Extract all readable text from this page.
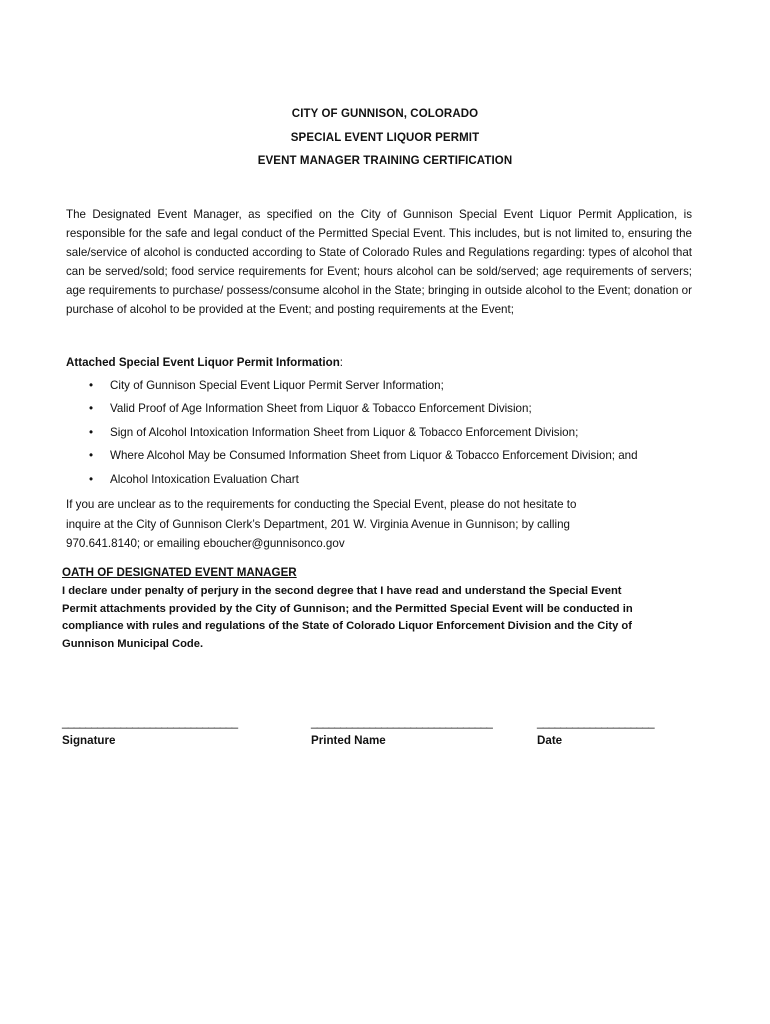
CITY OF GUNNISON, COLORADO
SPECIAL EVENT LIQUOR PERMIT
EVENT MANAGER TRAINING CERTIFICATION

The Designated Event Manager, as specified on the City of Gunnison Special Event Liquor Permit Application, is responsible for the safe and legal conduct of the Permitted Special Event. This includes, but is not limited to, ensuring the sale/service of alcohol is conducted according to State of Colorado Rules and Regulations regarding: types of alcohol that can be served/sold; food service requirements for Event; hours alcohol can be sold/served; age requirements of servers; age requirements to purchase/ possess/consume alcohol in the State; bringing in outside alcohol to the Event; donation or purchase of alcohol to be provided at the Event; and posting requirements at the Event;

Attached Special Event Liquor Permit Information:

• City of Gunnison Special Event Liquor Permit Server Information;
• Valid Proof of Age Information Sheet from Liquor & Tobacco Enforcement Division;
• Sign of Alcohol Intoxication Information Sheet from Liquor & Tobacco Enforcement Division;
• Where Alcohol May be Consumed Information Sheet from Liquor & Tobacco Enforcement Division; and
• Alcohol Intoxication Evaluation Chart
If you are unclear as to the requirements for conducting the Special Event, please do not hesitate to
inquire at the City of Gunnison Clerk’s Department, 201 W. Virginia Avenue in Gunnison; by calling
970.641.8140; or emailing eboucher@gunnisonco.gov

OATH OF DESIGNATED EVENT MANAGER

I declare under penalty of perjury in the second degree that I have read and understand the Special Event
Permit attachments provided by the City of Gunnison; and the Permitted Special Event will be conducted in
compliance with rules and regulations of the State of Colorado Liquor Enforcement Division and the City of
Gunnison Municipal Code.
______________________________	_______________________________	____________________
Signature	Printed Name	Date
